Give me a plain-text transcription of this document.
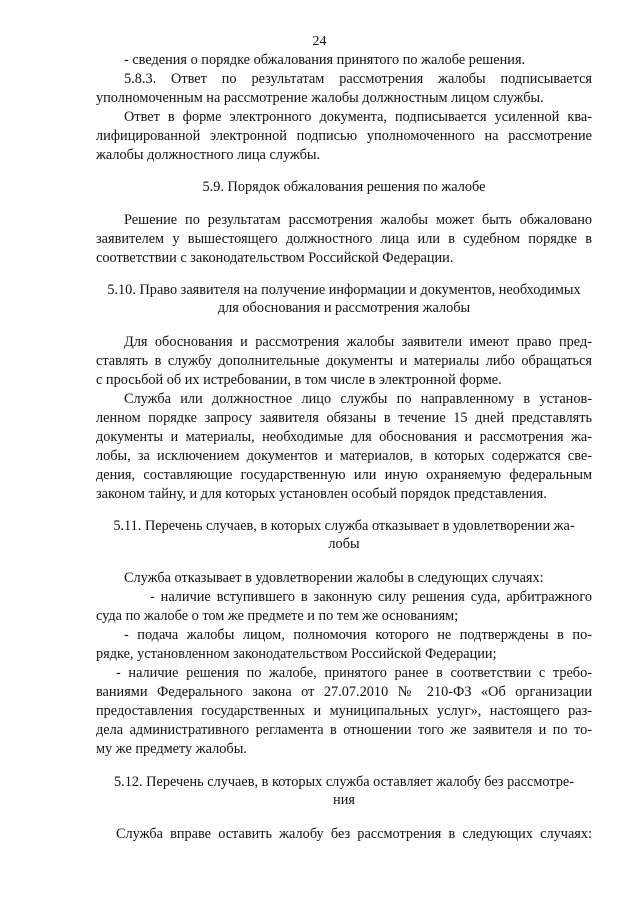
24

- сведения о порядке обжалования принятого по жалобе решения.

5.8.3. Ответ по результатам рассмотрения жалобы подписывается

уполномоченным на рассмотрение жалобы должностным лицом службы.

Ответ в форме электронного документа, подписывается усиленной ква-

лифицированной электронной подписью уполномоченного на рассмотрение

жалобы должностного лица службы.

5.9. Порядок обжалования решения по жалобе

Решение по результатам рассмотрения жалобы может быть обжаловано

заявителем у вышестоящего должностного лица или в судебном порядке в

соответствии с законодательством Российской Федерации.

5.10. Право заявителя на получение информации и документов, необходимых

для обоснования и рассмотрения жалобы

Для обоснования и рассмотрения жалобы заявители имеют право пред-

ставлять в службу дополнительные документы и материалы либо обращаться

с просьбой об их истребовании, в том числе в электронной форме.

Служба или должностное лицо службы по направленному в установ-

ленном порядке запросу заявителя обязаны в течение 15 дней представлять

документы и материалы, необходимые для обоснования и рассмотрения жа-

лобы, за исключением документов и материалов, в которых содержатся све-

дения, составляющие государственную или иную охраняемую федеральным

законом тайну, и для которых установлен особый порядок представления.

5.11. Перечень случаев, в которых служба отказывает в удовлетворении жа-

лобы

Служба отказывает в удовлетворении жалобы в следующих случаях:

- наличие вступившего в законную силу решения суда, арбитражного

суда по жалобе о том же предмете и по тем же основаниям;

- подача жалобы лицом, полномочия которого не подтверждены в по-

рядке, установленном законодательством Российской Федерации;

- наличие решения по жалобе, принятого ранее в соответствии с требо-

ваниями Федерального закона от 27.07.2010 № 210-ФЗ «Об организации

предоставления государственных и муниципальных услуг», настоящего раз-

дела административного регламента в отношении того же заявителя и по то-

му же предмету жалобы.

5.12. Перечень случаев, в которых служба оставляет жалобу без рассмотре-

ния

Служба вправе оставить жалобу без рассмотрения в следующих случаях:
